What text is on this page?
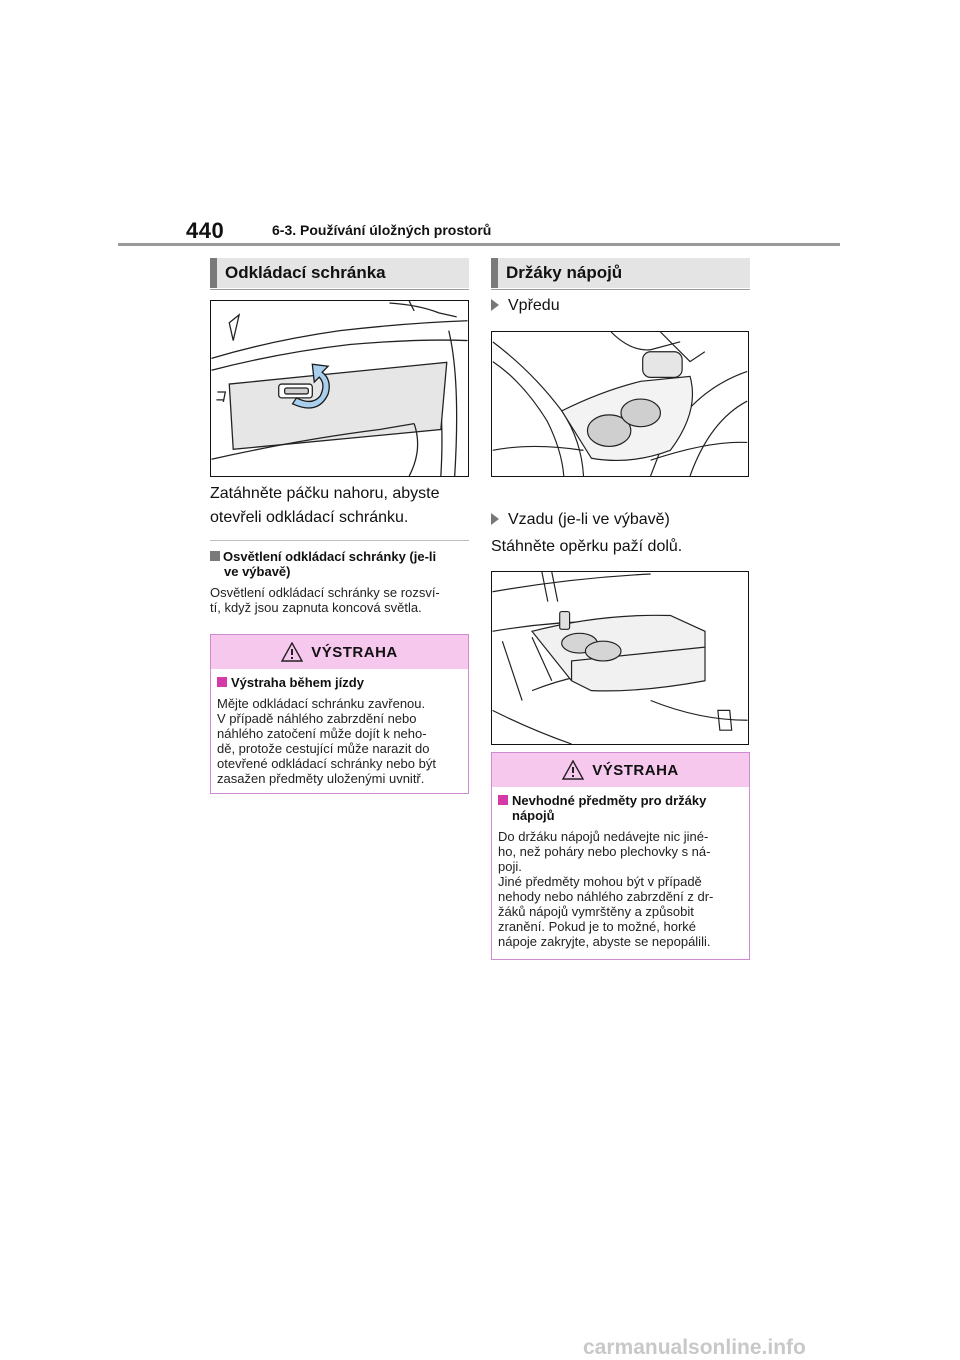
440	6-3. Používání úložných prostorů
Odkládací schránka
Zatáhněte páčku nahoru, abyste
otevřeli odkládací schránku.
Osvětlení odkládací schránky (je-li
ve výbavě)
Osvětlení odkládací schránky se rozsví-
tí, když jsou zapnuta koncová světla.
VÝSTRAHA
Výstraha během jízdy
Mějte odkládací schránku zavřenou.
V případě náhlého zabrzdění nebo
náhlého zatočení může dojít k neho-
dě, protože cestující může narazit do
otevřené odkládací schránky nebo být
zasažen předměty uloženými uvnitř.
Držáky nápojů
Vpředu
Vzadu (je-li ve výbavě)
Stáhněte opěrku paží dolů.
VÝSTRAHA
Nevhodné předměty pro držáky
nápojů
Do držáku nápojů nedávejte nic jiné-
ho, než poháry nebo plechovky s ná-
poji.
Jiné předměty mohou být v případě
nehody nebo náhlého zabrzdění z dr-
žáků nápojů vymrštěny a způsobit
zranění. Pokud je to možné, horké
nápoje zakryjte, abyste se nepopálili.
carmanualsonline.info
